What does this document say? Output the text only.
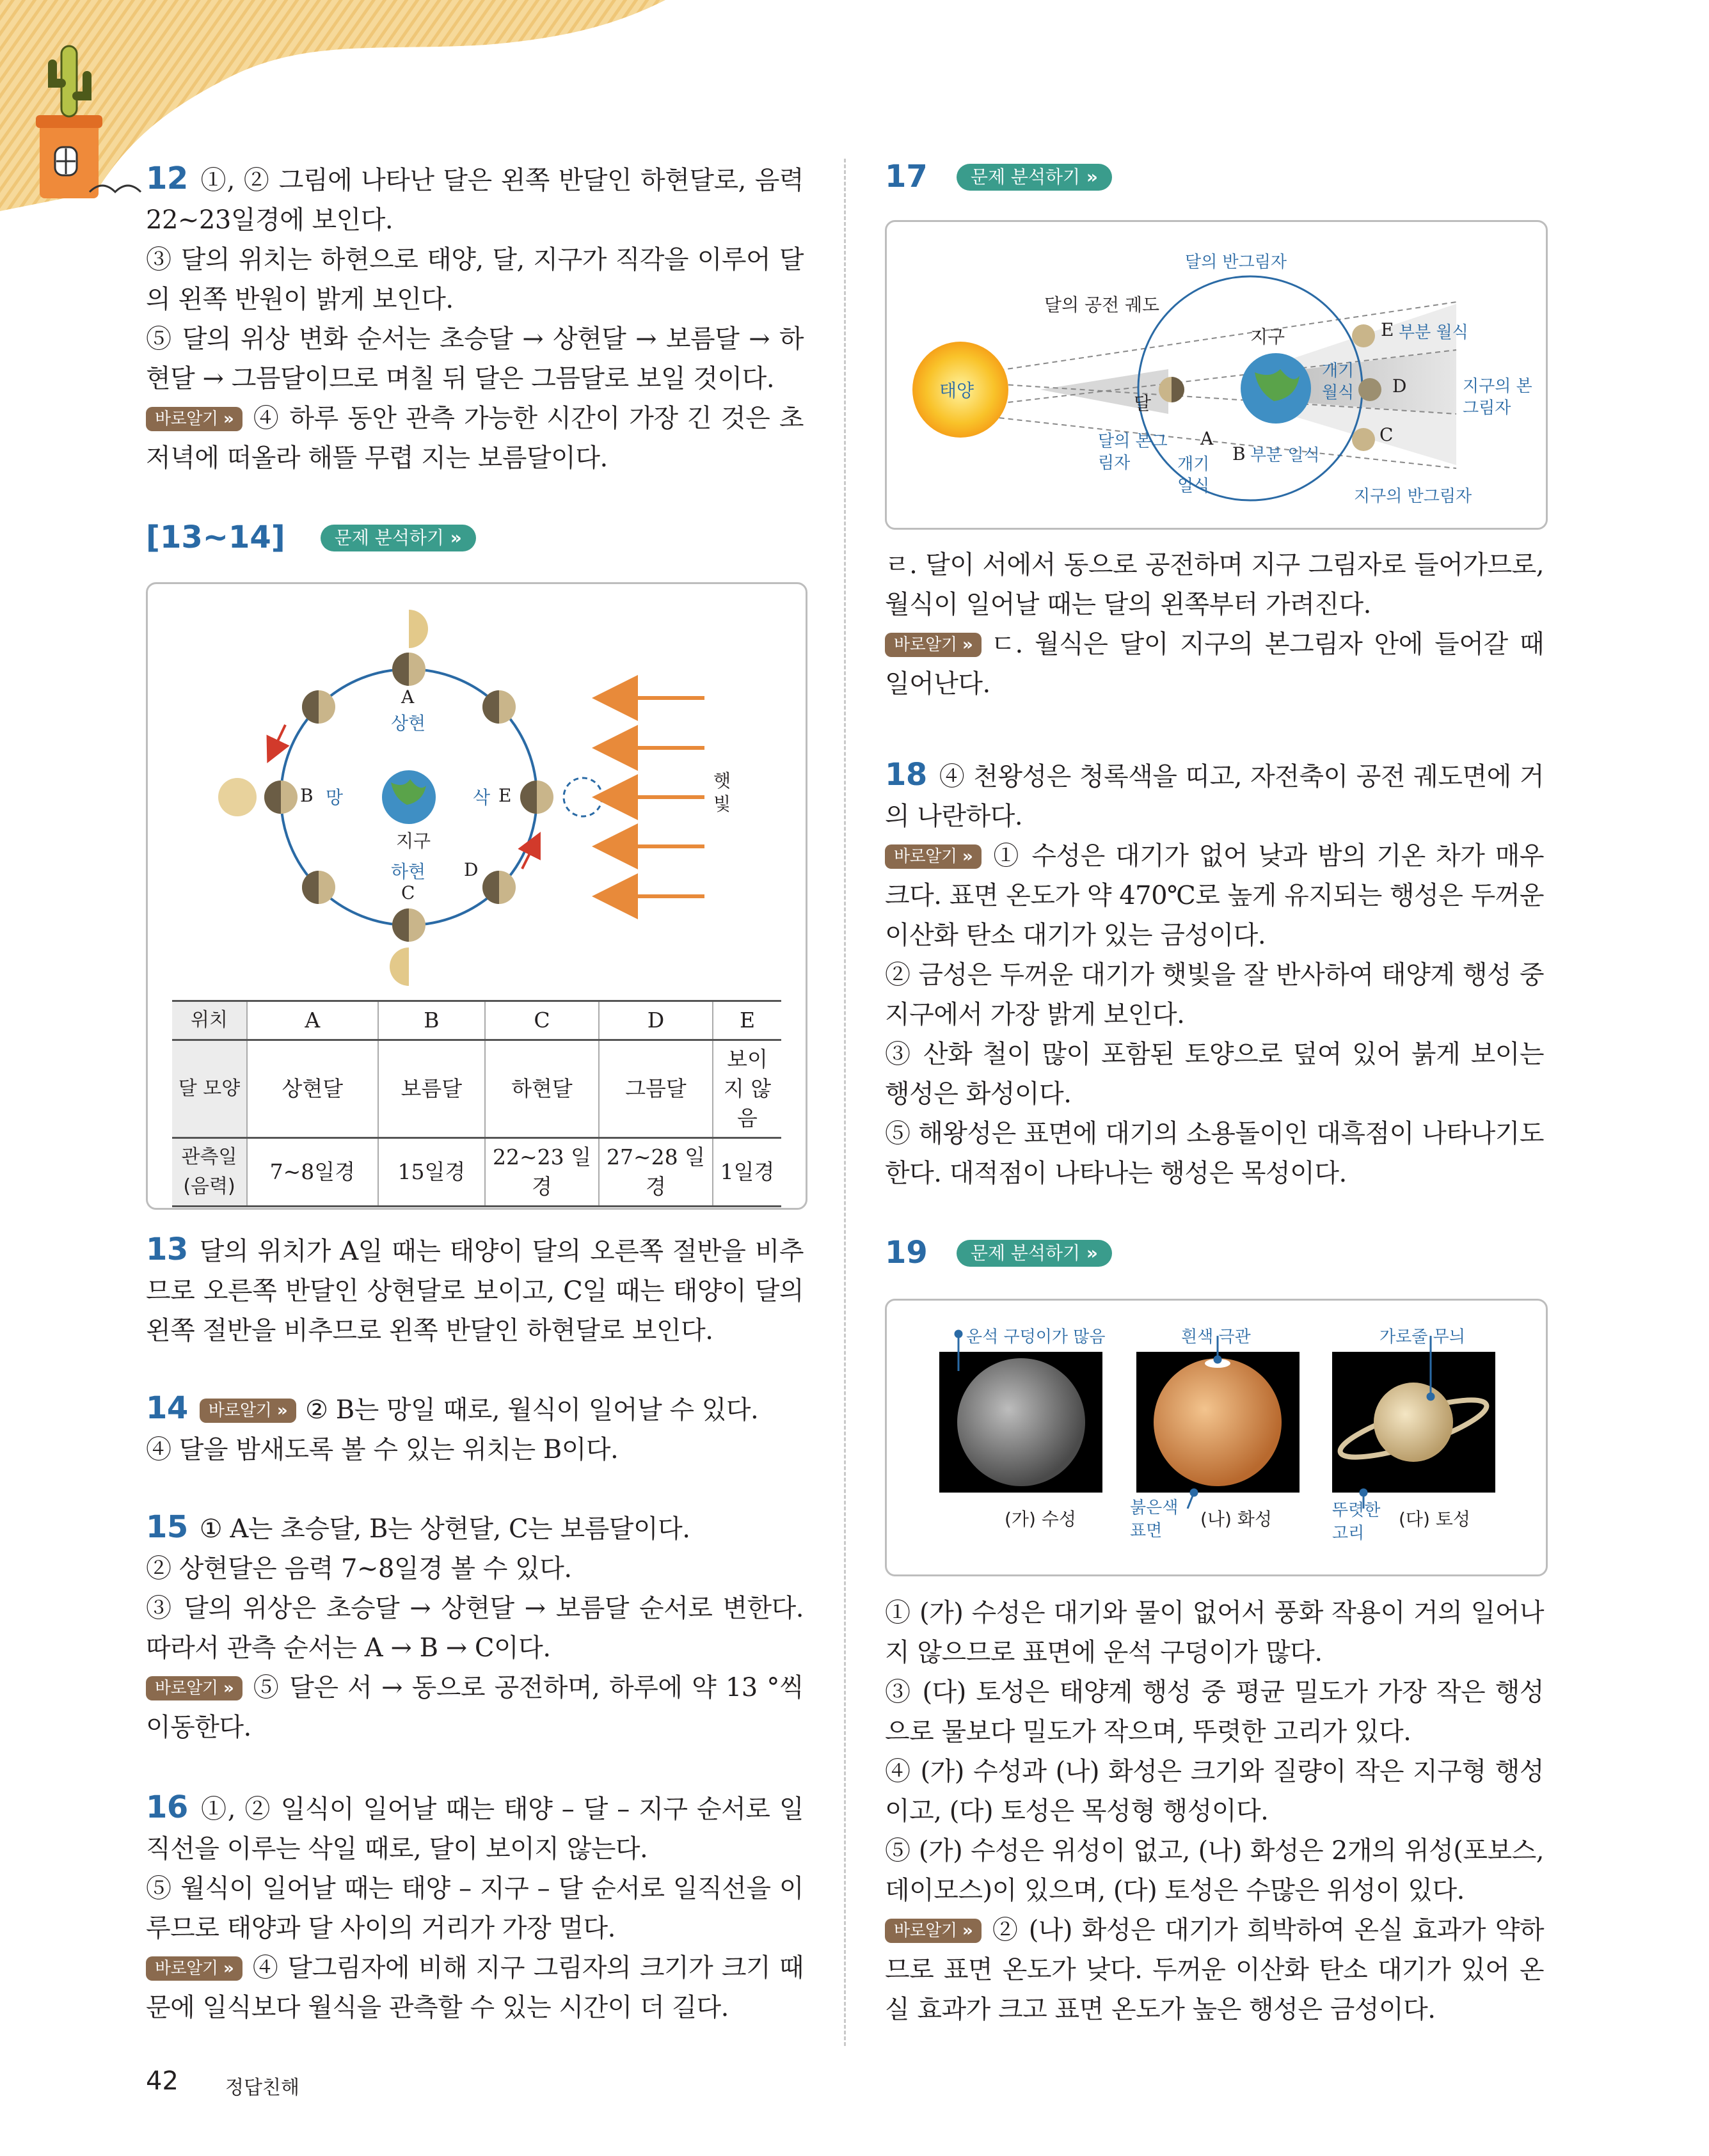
12 ①, ② 그림에 나타난 달은 왼쪽 반달인 하현달로, 음력 22~23일경에 보인다.
③ 달의 위치는 하현으로 태양, 달, 지구가 직각을 이루어 달의 왼쪽 반원이 밝게 보인다.
⑤ 달의 위상 변화 순서는 초승달 → 상현달 → 보름달 → 하현달 → 그믐달이므로 며칠 뒤 달은 그믐달로 보일 것이다.
바로알기 » ④ 하루 동안 관측 가능한 시간이 가장 긴 것은 초저녁에 떠올라 해뜰 무렵 지는 보름달이다.
[13~14]	문제 분석하기 »
A
상현
B 망
지구
하현
C
D
삭 E
햇빛
위치	A	B	C	D	E
달 모양	상현달	보름달	하현달	그믐달	보이지 않음
관측일 (음력)	7~8일경	15일경	22~23 일경	27~28 일경	1일경
13 달의 위치가 A일 때는 태양이 달의 오른쪽 절반을 비추므로 오른쪽 반달인 상현달로 보이고, C일 때는 태양이 달의 왼쪽 절반을 비추므로 왼쪽 반달인 하현달로 보인다.
14 바로알기 » ② B는 망일 때로, 월식이 일어날 수 있다.
④ 달을 밤새도록 볼 수 있는 위치는 B이다.
15 ① A는 초승달, B는 상현달, C는 보름달이다.
② 상현달은 음력 7~8일경 볼 수 있다.
③ 달의 위상은 초승달 → 상현달 → 보름달 순서로 변한다. 따라서 관측 순서는 A → B → C이다.
바로알기 » ⑤ 달은 서 → 동으로 공전하며, 하루에 약 13 °씩 이동한다.
16 ①, ② 일식이 일어날 때는 태양 – 달 – 지구 순서로 일직선을 이루는 삭일 때로, 달이 보이지 않는다.
⑤ 월식이 일어날 때는 태양 – 지구 – 달 순서로 일직선을 이루므로 태양과 달 사이의 거리가 가장 멀다.
바로알기 » ④ 달그림자에 비해 지구 그림자의 크기가 크기 때문에 일식보다 월식을 관측할 수 있는 시간이 더 길다.
17 문제 분석하기 »
태양
달의 반그림자
달의 공전 궤도
지구
달
달의 본그림자
A
개기 일식
B 부분 일식
개기 월식	D
E 부분 월식
C
지구의 본그림자
지구의 반그림자
ㄹ. 달이 서에서 동으로 공전하며 지구 그림자로 들어가므로, 월식이 일어날 때는 달의 왼쪽부터 가려진다.
바로알기 » ㄷ. 월식은 달이 지구의 본그림자 안에 들어갈 때 일어난다.
18 ④ 천왕성은 청록색을 띠고, 자전축이 공전 궤도면에 거의 나란하다.
바로알기 » ① 수성은 대기가 없어 낮과 밤의 기온 차가 매우 크다. 표면 온도가 약 470℃로 높게 유지되는 행성은 두꺼운 이산화 탄소 대기가 있는 금성이다.
② 금성은 두꺼운 대기가 햇빛을 잘 반사하여 태양계 행성 중 지구에서 가장 밝게 보인다.
③ 산화 철이 많이 포함된 토양으로 덮여 있어 붉게 보이는 행성은 화성이다.
⑤ 해왕성은 표면에 대기의 소용돌이인 대흑점이 나타나기도 한다. 대적점이 나타나는 행성은 목성이다.
19 문제 분석하기 »
운석 구덩이가 많음
(가) 수성
흰색 극관
붉은색 표면
(나) 화성
가로줄 무늬
뚜렷한 고리
(다) 토성
① (가) 수성은 대기와 물이 없어서 풍화 작용이 거의 일어나지 않으므로 표면에 운석 구덩이가 많다.
③ (다) 토성은 태양계 행성 중 평균 밀도가 가장 작은 행성으로 물보다 밀도가 작으며, 뚜렷한 고리가 있다.
④ (가) 수성과 (나) 화성은 크기와 질량이 작은 지구형 행성이고, (다) 토성은 목성형 행성이다.
⑤ (가) 수성은 위성이 없고, (나) 화성은 2개의 위성(포보스, 데이모스)이 있으며, (다) 토성은 수많은 위성이 있다.
바로알기 » ② (나) 화성은 대기가 희박하여 온실 효과가 약하므로 표면 온도가 낮다. 두꺼운 이산화 탄소 대기가 있어 온실 효과가 크고 표면 온도가 높은 행성은 금성이다.
42 정답친해
